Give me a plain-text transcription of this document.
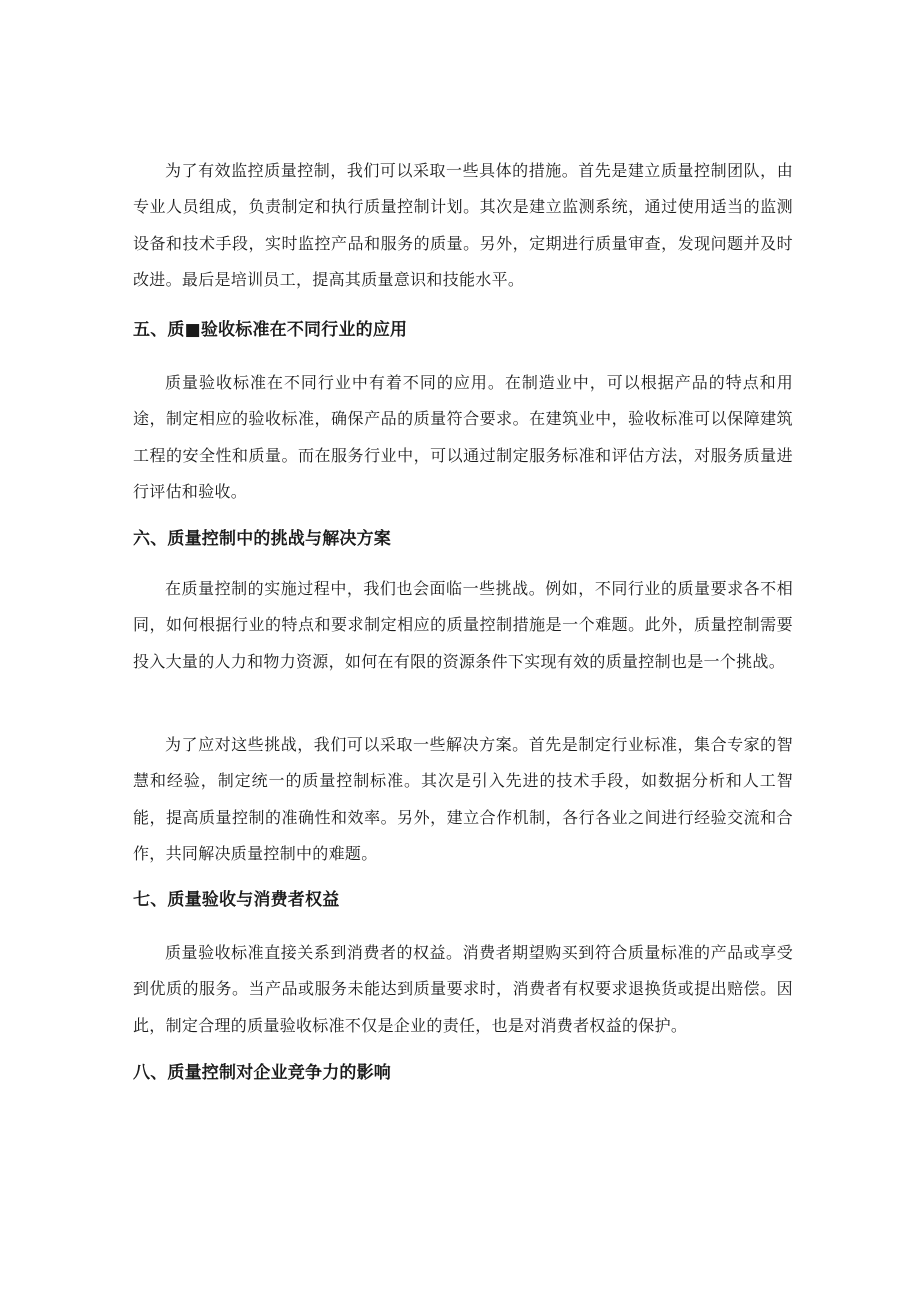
为了有效监控质量控制，我们可以采取一些具体的措施。首先是建立质量控制团队，由专业人员组成，负责制定和执行质量控制计划。其次是建立监测系统，通过使用适当的监测设备和技术手段，实时监控产品和服务的质量。另外，定期进行质量审查，发现问题并及时改进。最后是培训员工，提高其质量意识和技能水平。

五、质■验收标准在不同行业的应用

质量验收标准在不同行业中有着不同的应用。在制造业中，可以根据产品的特点和用途，制定相应的验收标准，确保产品的质量符合要求。在建筑业中，验收标准可以保障建筑工程的安全性和质量。而在服务行业中，可以通过制定服务标准和评估方法，对服务质量进行评估和验收。

六、质量控制中的挑战与解决方案

在质量控制的实施过程中，我们也会面临一些挑战。例如，不同行业的质量要求各不相同，如何根据行业的特点和要求制定相应的质量控制措施是一个难题。此外，质量控制需要投入大量的人力和物力资源，如何在有限的资源条件下实现有效的质量控制也是一个挑战。

为了应对这些挑战，我们可以采取一些解决方案。首先是制定行业标准，集合专家的智慧和经验，制定统一的质量控制标准。其次是引入先进的技术手段，如数据分析和人工智能，提高质量控制的准确性和效率。另外，建立合作机制，各行各业之间进行经验交流和合作，共同解决质量控制中的难题。

七、质量验收与消费者权益

质量验收标准直接关系到消费者的权益。消费者期望购买到符合质量标准的产品或享受到优质的服务。当产品或服务未能达到质量要求时，消费者有权要求退换货或提出赔偿。因此，制定合理的质量验收标准不仅是企业的责任，也是对消费者权益的保护。

八、质量控制对企业竞争力的影响
